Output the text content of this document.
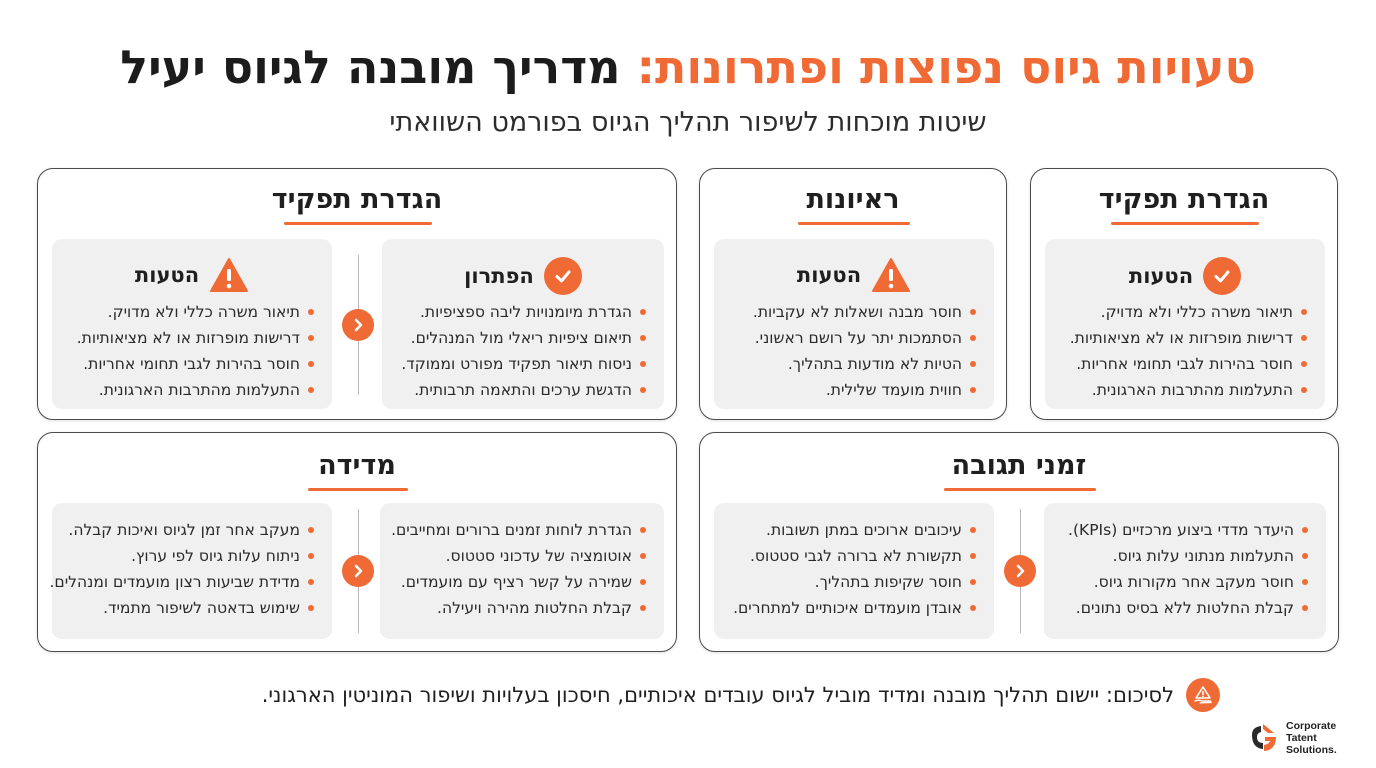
טעויות גיוס נפוצות ופתרונות: מדריך מובנה לגיוס יעיל
שיטות מוכחות לשיפור תהליך הגיוס בפורמט השוואתי
הגדרת תפקיד
הטעות
תיאור משרה כללי ולא מדויק.
דרישות מופרזות או לא מציאותיות.
חוסר בהירות לגבי תחומי אחריות.
התעלמות מהתרבות הארגונית.
ראיונות
הטעות
חוסר מבנה ושאלות לא עקביות.
הסתמכות יתר על רושם ראשוני.
הטיות לא מודעות בתהליך.
חווית מועמד שלילית.
הגדרת תפקיד
הפתרון
הגדרת מיומנויות ליבה ספציפיות.
תיאום ציפיות ריאלי מול המנהלים.
ניסוח תיאור תפקיד מפורט וממוקד.
הדגשת ערכים והתאמה תרבותית.
הטעות
תיאור משרה כללי ולא מדויק.
דרישות מופרזות או לא מציאותיות.
חוסר בהירות לגבי תחומי אחריות.
התעלמות מהתרבות הארגונית.
זמני תגובה
היעדר מדדי ביצוע מרכזיים (KPIs).
התעלמות מנתוני עלות גיוס.
חוסר מעקב אחר מקורות גיוס.
קבלת החלטות ללא בסיס נתונים.
עיכובים ארוכים במתן תשובות.
תקשורת לא ברורה לגבי סטטוס.
חוסר שקיפות בתהליך.
אובדן מועמדים איכותיים למתחרים.
מדידה
הגדרת לוחות זמנים ברורים ומחייבים.
אוטומציה של עדכוני סטטוס.
שמירה על קשר רציף עם מועמדים.
קבלת החלטות מהירה ויעילה.
מעקב אחר זמן לגיוס ואיכות קבלה.
ניתוח עלות גיוס לפי ערוץ.
מדידת שביעות רצון מועמדים ומנהלים.
שימוש בדאטה לשיפור מתמיד.
לסיכום: יישום תהליך מובנה ומדיד מוביל לגיוס עובדים איכותיים, חיסכון בעלויות ושיפור המוניטין הארגוני.
Corporate
Tatent
Solutions.
